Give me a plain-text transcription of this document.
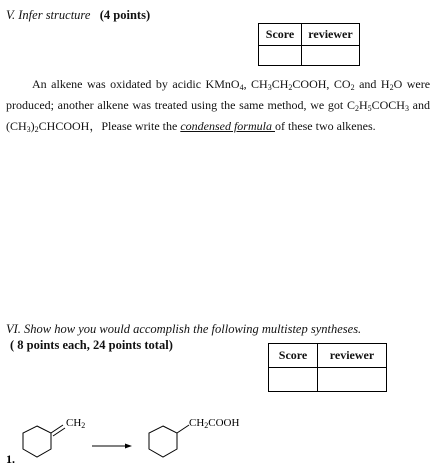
V. Infer structure (4 points)
Score	reviewer

An alkene was oxidated by acidic KMnO$_4$, $CH_3CH_2COOH$, $CO_2$ and $H_2O$ were produced; another alkene was treated using the same method, we got $C_2H_5COCH_3$ and $(CH_3)_2CHCOOH$，Please write the condensed formula of these two alkenes.
VI. Show how you would accomplish the following multistep syntheses.
( 8 points each, 24 points total)
Score	reviewer

1.
CH2	CH2COOH
